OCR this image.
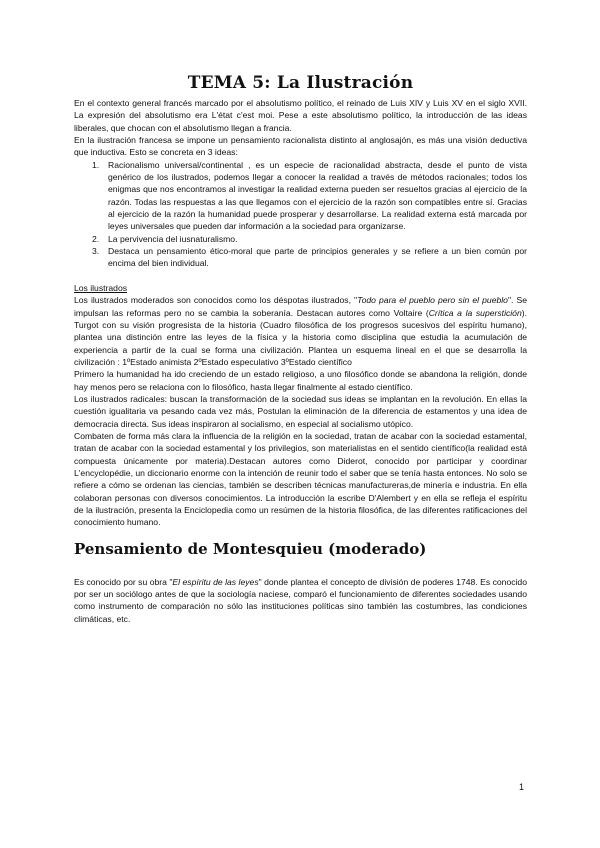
TEMA 5: La Ilustración

En el contexto general francés marcado por el absolutismo político, el reinado de Luis XIV y Luis XV en el siglo XVII. La expresión del absolutismo era L'état c'est moi. Pese a este absolutismo político, la introducción de las ideas liberales, que chocan con el absolutismo llegan a francia.

En la ilustración francesa se impone un pensamiento racionalista distinto al anglosajón, es más una visión deductiva que inductiva. Esto se concreta en 3 ideas:

1. Racionalismo universal/continental , es un especie de racionalidad abstracta, desde el punto de vista genérico de los ilustrados, podemos llegar a conocer la realidad a través de métodos racionales; todos los enigmas que nos encontramos al investigar la realidad externa pueden ser resueltos gracias al ejercicio de la razón. Todas las respuestas a las que llegamos con el ejercicio de la razón son compatibles entre sí. Gracias al ejercicio de la razón la humanidad puede prosperar y desarrollarse. La realidad externa está marcada por leyes universales que pueden dar información a la sociedad para organizarse.
2. La pervivencia del iusnaturalismo.
3. Destaca un pensamiento ético-moral que parte de principios generales y se refiere a un bien común por encima del bien individual.

Los ilustrados

Los ilustrados moderados son conocidos como los déspotas ilustrados, "Todo para el pueblo pero sin el pueblo". Se impulsan las reformas pero no se cambia la soberanía. Destacan autores como Voltaire (Crítica a la superstición). Turgot con su visión progresista de la historia (Cuadro filosófica de los progresos sucesivos del espíritu humano), plantea una distinción entre las leyes de la física y la historia como disciplina que estudia la acumulación de experiencia a partir de la cual se forma una civilización. Plantea un esquema lineal en el que se desarrolla la civilización : 1ºEstado animista 2ºEstado especulativo 3ºEstado científico

Primero la humanidad ha ido creciendo de un estado religioso, a uno filosófico donde se abandona la religión, donde hay menos pero se relaciona con lo filosófico, hasta llegar finalmente al estado científico.

Los ilustrados radicales: buscan la transformación de la sociedad sus ideas se implantan en la revolución. En ellas la cuestión igualitaria va pesando cada vez más, Postulan la eliminación de la diferencia de estamentos y una idea de democracia directa. Sus ideas inspiraron al socialismo, en especial al socialismo utópico.

Combaten de forma más clara la influencia de la religión en la sociedad, tratan de acabar con la sociedad estamental, tratan de acabar con la sociedad estamental y los privilegios, son materialistas en el sentido científico(la realidad está compuesta únicamente por materia).Destacan autores como Diderot, conocido por participar y coordinar L'encyclopédie, un diccionario enorme con la intención de reunir todo el saber que se tenía hasta entonces. No solo se refiere a cómo se ordenan las ciencias, también se describen técnicas manufactureras,de minería e industria. En ella colaboran personas con diversos conocimientos. La introducción la escribe D'Alembert y en ella se refleja el espíritu de la ilustración, presenta la Enciclopedia como un resúmen de la historia filosófica, de las diferentes ratificaciones del conocimiento humano.

Pensamiento de Montesquieu (moderado)

Es conocido por su obra "El espíritu de las leyes" donde plantea el concepto de división de poderes 1748. Es conocido por ser un sociólogo antes de que la sociología naciese, comparó el funcionamiento de diferentes sociedades usando como instrumento de comparación no sólo las instituciones políticas sino también las costumbres, las condiciones climáticas, etc.

1
